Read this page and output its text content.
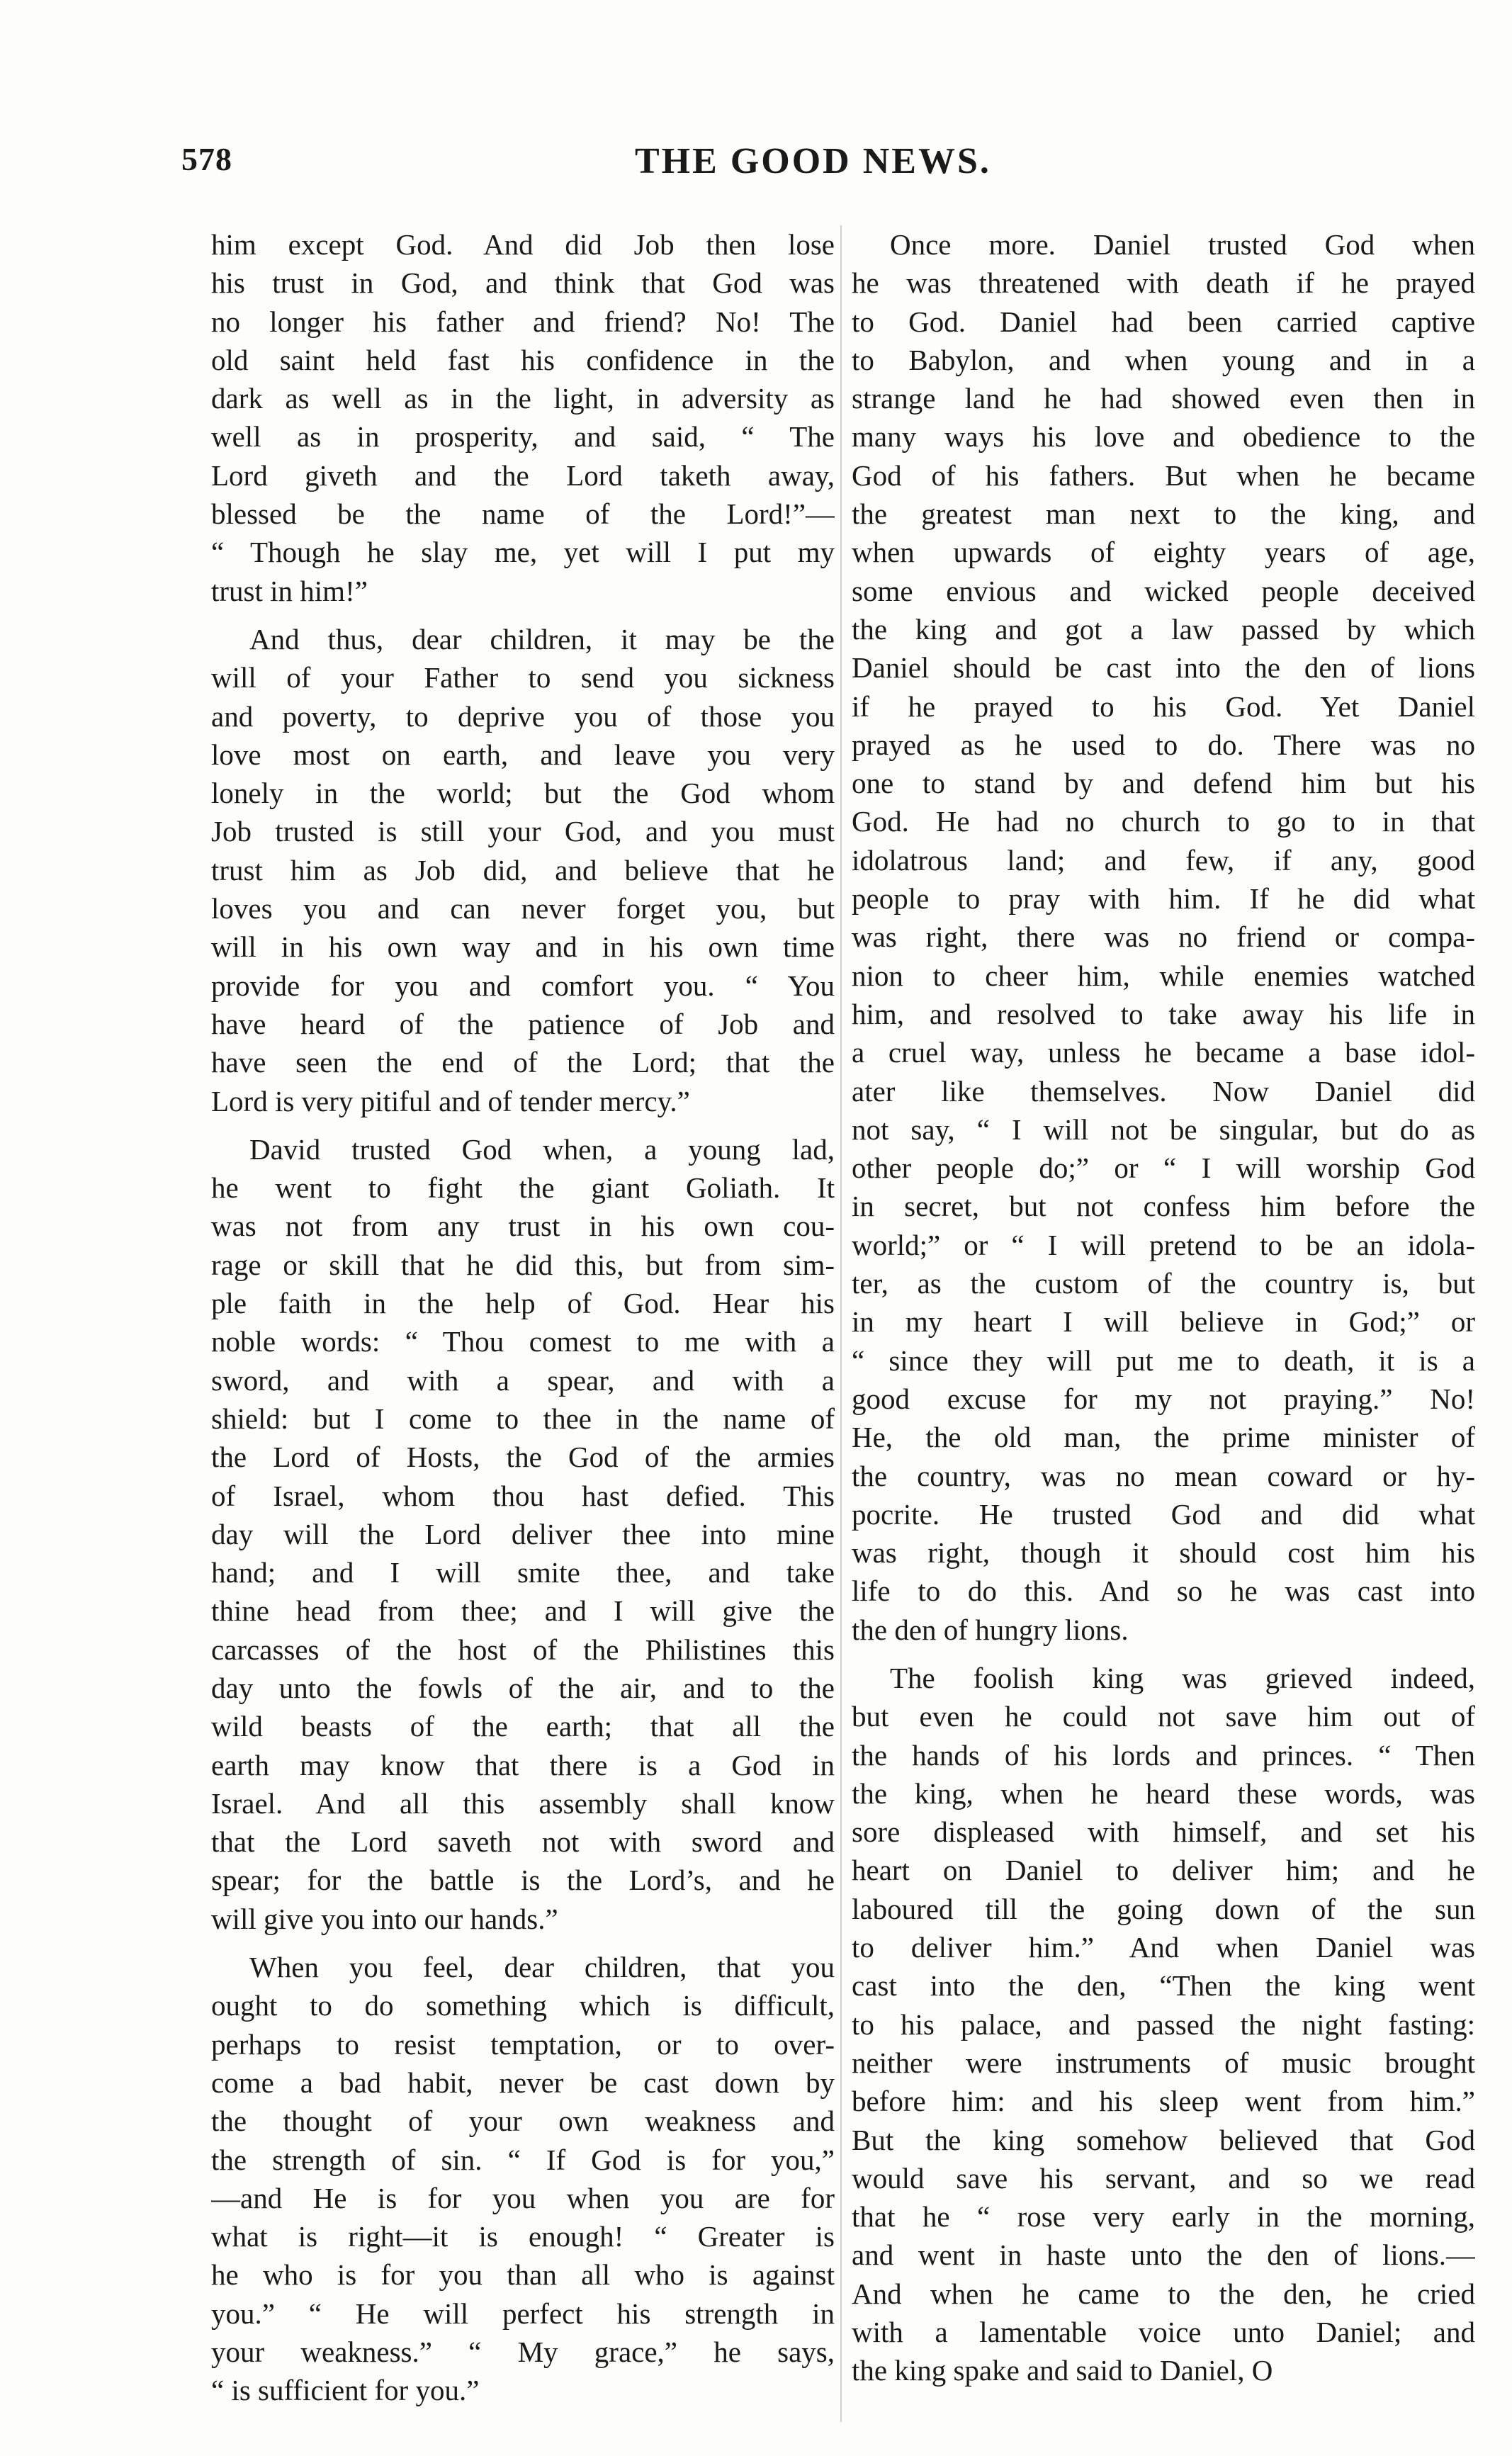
578	THE GOOD NEWS.
him except God. And did Job then lose
his trust in God, and think that God was
no longer his father and friend? No! The
old saint held fast his confidence in the
dark as well as in the light, in adversity as
well as in prosperity, and said, “ The
Lord giveth and the Lord taketh away,
blessed be the name of the Lord!”—
“ Though he slay me, yet will I put my
trust in him!”
And thus, dear children, it may be the
will of your Father to send you sickness
and poverty, to deprive you of those you
love most on earth, and leave you very
lonely in the world; but the God whom
Job trusted is still your God, and you must
trust him as Job did, and believe that he
loves you and can never forget you, but
will in his own way and in his own time
provide for you and comfort you. “ You
have heard of the patience of Job and
have seen the end of the Lord; that the
Lord is very pitiful and of tender mercy.”
David trusted God when, a young lad,
he went to fight the giant Goliath. It
was not from any trust in his own cou-
rage or skill that he did this, but from sim-
ple faith in the help of God. Hear his
noble words: “ Thou comest to me with a
sword, and with a spear, and with a
shield: but I come to thee in the name of
the Lord of Hosts, the God of the armies
of Israel, whom thou hast defied. This
day will the Lord deliver thee into mine
hand; and I will smite thee, and take
thine head from thee; and I will give the
carcasses of the host of the Philistines this
day unto the fowls of the air, and to the
wild beasts of the earth; that all the
earth may know that there is a God in
Israel. And all this assembly shall know
that the Lord saveth not with sword and
spear; for the battle is the Lord’s, and he
will give you into our hands.”
When you feel, dear children, that you
ought to do something which is difficult,
perhaps to resist temptation, or to over-
come a bad habit, never be cast down by
the thought of your own weakness and
the strength of sin. “ If God is for you,”
—and He is for you when you are for
what is right—it is enough! “ Greater is
he who is for you than all who is against
you.” “ He will perfect his strength in
your weakness.” “ My grace,” he says,
“ is sufficient for you.”
Once more. Daniel trusted God when
he was threatened with death if he prayed
to God. Daniel had been carried captive
to Babylon, and when young and in a
strange land he had showed even then in
many ways his love and obedience to the
God of his fathers. But when he became
the greatest man next to the king, and
when upwards of eighty years of age,
some envious and wicked people deceived
the king and got a law passed by which
Daniel should be cast into the den of lions
if he prayed to his God. Yet Daniel
prayed as he used to do. There was no
one to stand by and defend him but his
God. He had no church to go to in that
idolatrous land; and few, if any, good
people to pray with him. If he did what
was right, there was no friend or compa-
nion to cheer him, while enemies watched
him, and resolved to take away his life in
a cruel way, unless he became a base idol-
ater like themselves. Now Daniel did
not say, “ I will not be singular, but do as
other people do;” or “ I will worship God
in secret, but not confess him before the
world;” or “ I will pretend to be an idola-
ter, as the custom of the country is, but
in my heart I will believe in God;” or
“ since they will put me to death, it is a
good excuse for my not praying.” No!
He, the old man, the prime minister of
the country, was no mean coward or hy-
pocrite. He trusted God and did what
was right, though it should cost him his
life to do this. And so he was cast into
the den of hungry lions.
The foolish king was grieved indeed,
but even he could not save him out of
the hands of his lords and princes. “ Then
the king, when he heard these words, was
sore displeased with himself, and set his
heart on Daniel to deliver him; and he
laboured till the going down of the sun
to deliver him.” And when Daniel was
cast into the den, “Then the king went
to his palace, and passed the night fasting:
neither were instruments of music brought
before him: and his sleep went from him.”
But the king somehow believed that God
would save his servant, and so we read
that he “ rose very early in the morning,
and went in haste unto the den of lions.—
And when he came to the den, he cried
with a lamentable voice unto Daniel; and
the king spake and said to Daniel, O
